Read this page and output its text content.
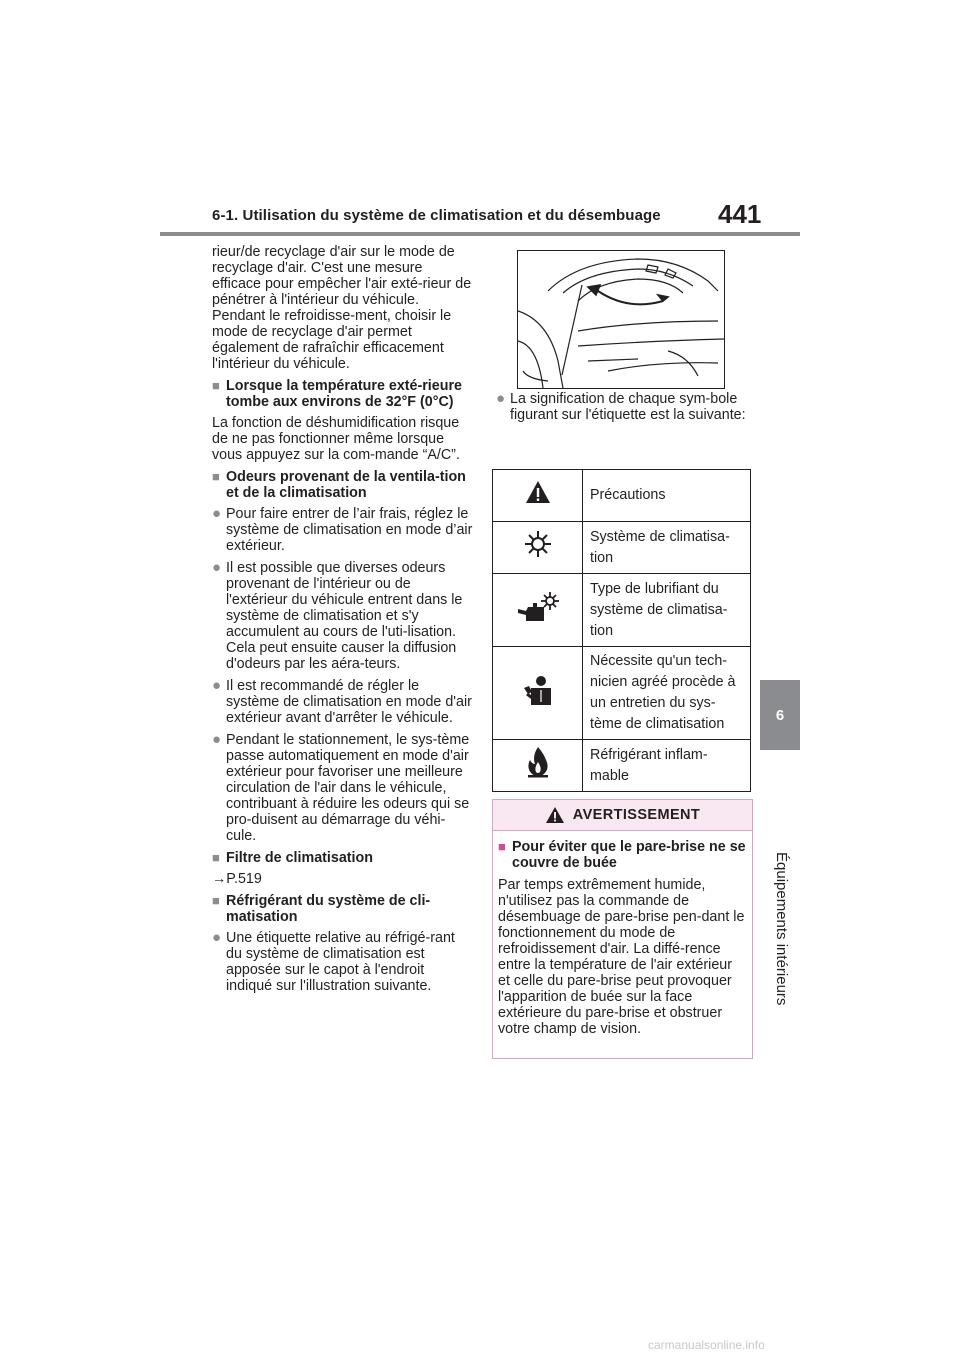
6-1. Utilisation du système de climatisation et du désembuage 441
6
Équipements intérieurs

rieur/de recyclage d'air sur le mode de recyclage d'air. C'est une mesure efficace pour empêcher l'air exté-rieur de pénétrer à l'intérieur du véhicule. Pendant le refroidisse-ment, choisir le mode de recyclage d'air permet également de rafraîchir efficacement l'intérieur du véhicule.

■ Lorsque la température exté-rieure tombe aux environs de 32°F (0°C)

La fonction de déshumidification risque de ne pas fonctionner même lorsque vous appuyez sur la com-mande “A/C”.

■ Odeurs provenant de la ventila-tion et de la climatisation
● Pour faire entrer de l’air frais, réglez le système de climatisation en mode d’air extérieur.
● Il est possible que diverses odeurs provenant de l'intérieur ou de l'extérieur du véhicule entrent dans le système de climatisation et s'y accumulent au cours de l'uti-lisation. Cela peut ensuite causer la diffusion d'odeurs par les aéra-teurs.
● Il est recommandé de régler le système de climatisation en mode d'air extérieur avant d'arrêter le véhicule.
● Pendant le stationnement, le sys-tème passe automatiquement en mode d'air extérieur pour favoriser une meilleure circulation de l'air dans le véhicule, contribuant à réduire les odeurs qui se pro-duisent au démarrage du véhi-cule.
■ Filtre de climatisation

→P.519

■ Réfrigérant du système de cli-matisation
● Une étiquette relative au réfrigé-rant du système de climatisation est apposée sur le capot à l'endroit indiqué sur l'illustration suivante.
● La signification de chaque sym-bole figurant sur l'étiquette est la suivante:
	Précautions
	Système de climatisa-tion
	Type de lubrifiant du système de climatisa-tion
	Nécessite qu'un tech-nicien agréé procède à un entretien du sys-tème de climatisation
	Réfrigérant inflam-mable
AVERTISSEMENT
■ Pour éviter que le pare-brise ne se couvre de buée

Par temps extrêmement humide, n'utilisez pas la commande de désembuage de pare-brise pen-dant le fonctionnement du mode de refroidissement d'air. La diffé-rence entre la température de l'air extérieur et celle du pare-brise peut provoquer l'apparition de buée sur la face extérieure du pare-brise et obstruer votre champ de vision.

carmanualsonline.info
